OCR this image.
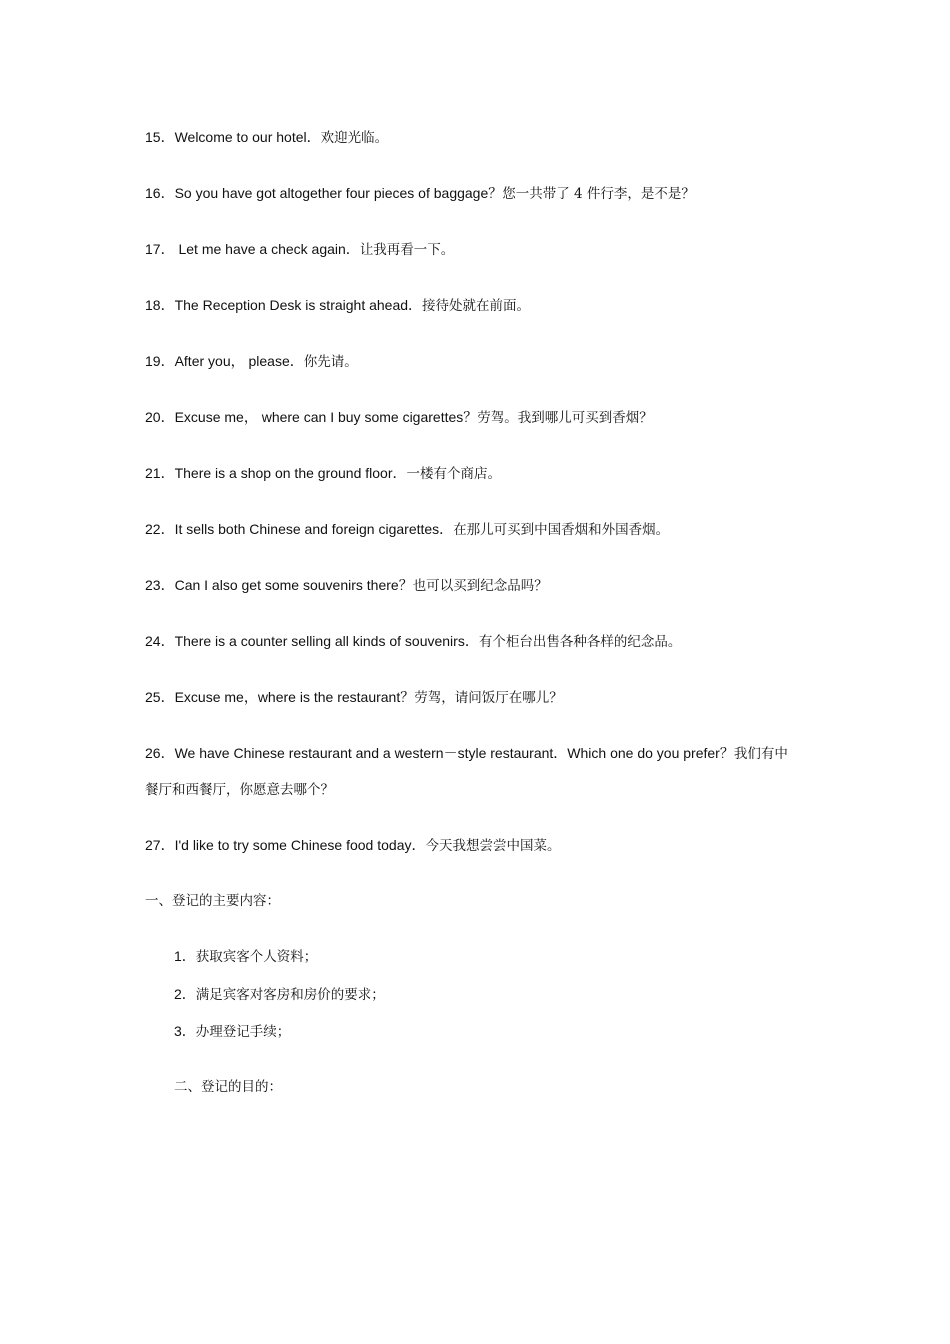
15．Welcome to our hotel．欢迎光临。
16．So you have got altogether four pieces of baggage？您一共带了 4 件行李，是不是？
17． Let me have a check again．让我再看一下。
18．The Reception Desk is straight ahead．接待处就在前面。
19．After you， please．你先请。
20．Excuse me， where can I buy some cigarettes？劳驾。我到哪儿可买到香烟？
21．There is a shop on the ground floor．一楼有个商店。
22．It sells both Chinese and foreign cigarettes．在那儿可买到中国香烟和外国香烟。
23．Can I also get some souvenirs there？也可以买到纪念品吗？
24．There is a counter selling all kinds of souvenirs．有个柜台出售各种各样的纪念品。
25．Excuse me，where is the restaurant？劳驾，请问饭厅在哪儿？
26．We have Chinese restaurant and a western－style restaurant．Which one do you prefer？我们有中
餐厅和西餐厅，你愿意去哪个？
27．I'd like to try some Chinese food today．今天我想尝尝中国菜。
一、登记的主要内容：
1．获取宾客个人资料；
2．满足宾客对客房和房价的要求；
3．办理登记手续；
二、登记的目的：
